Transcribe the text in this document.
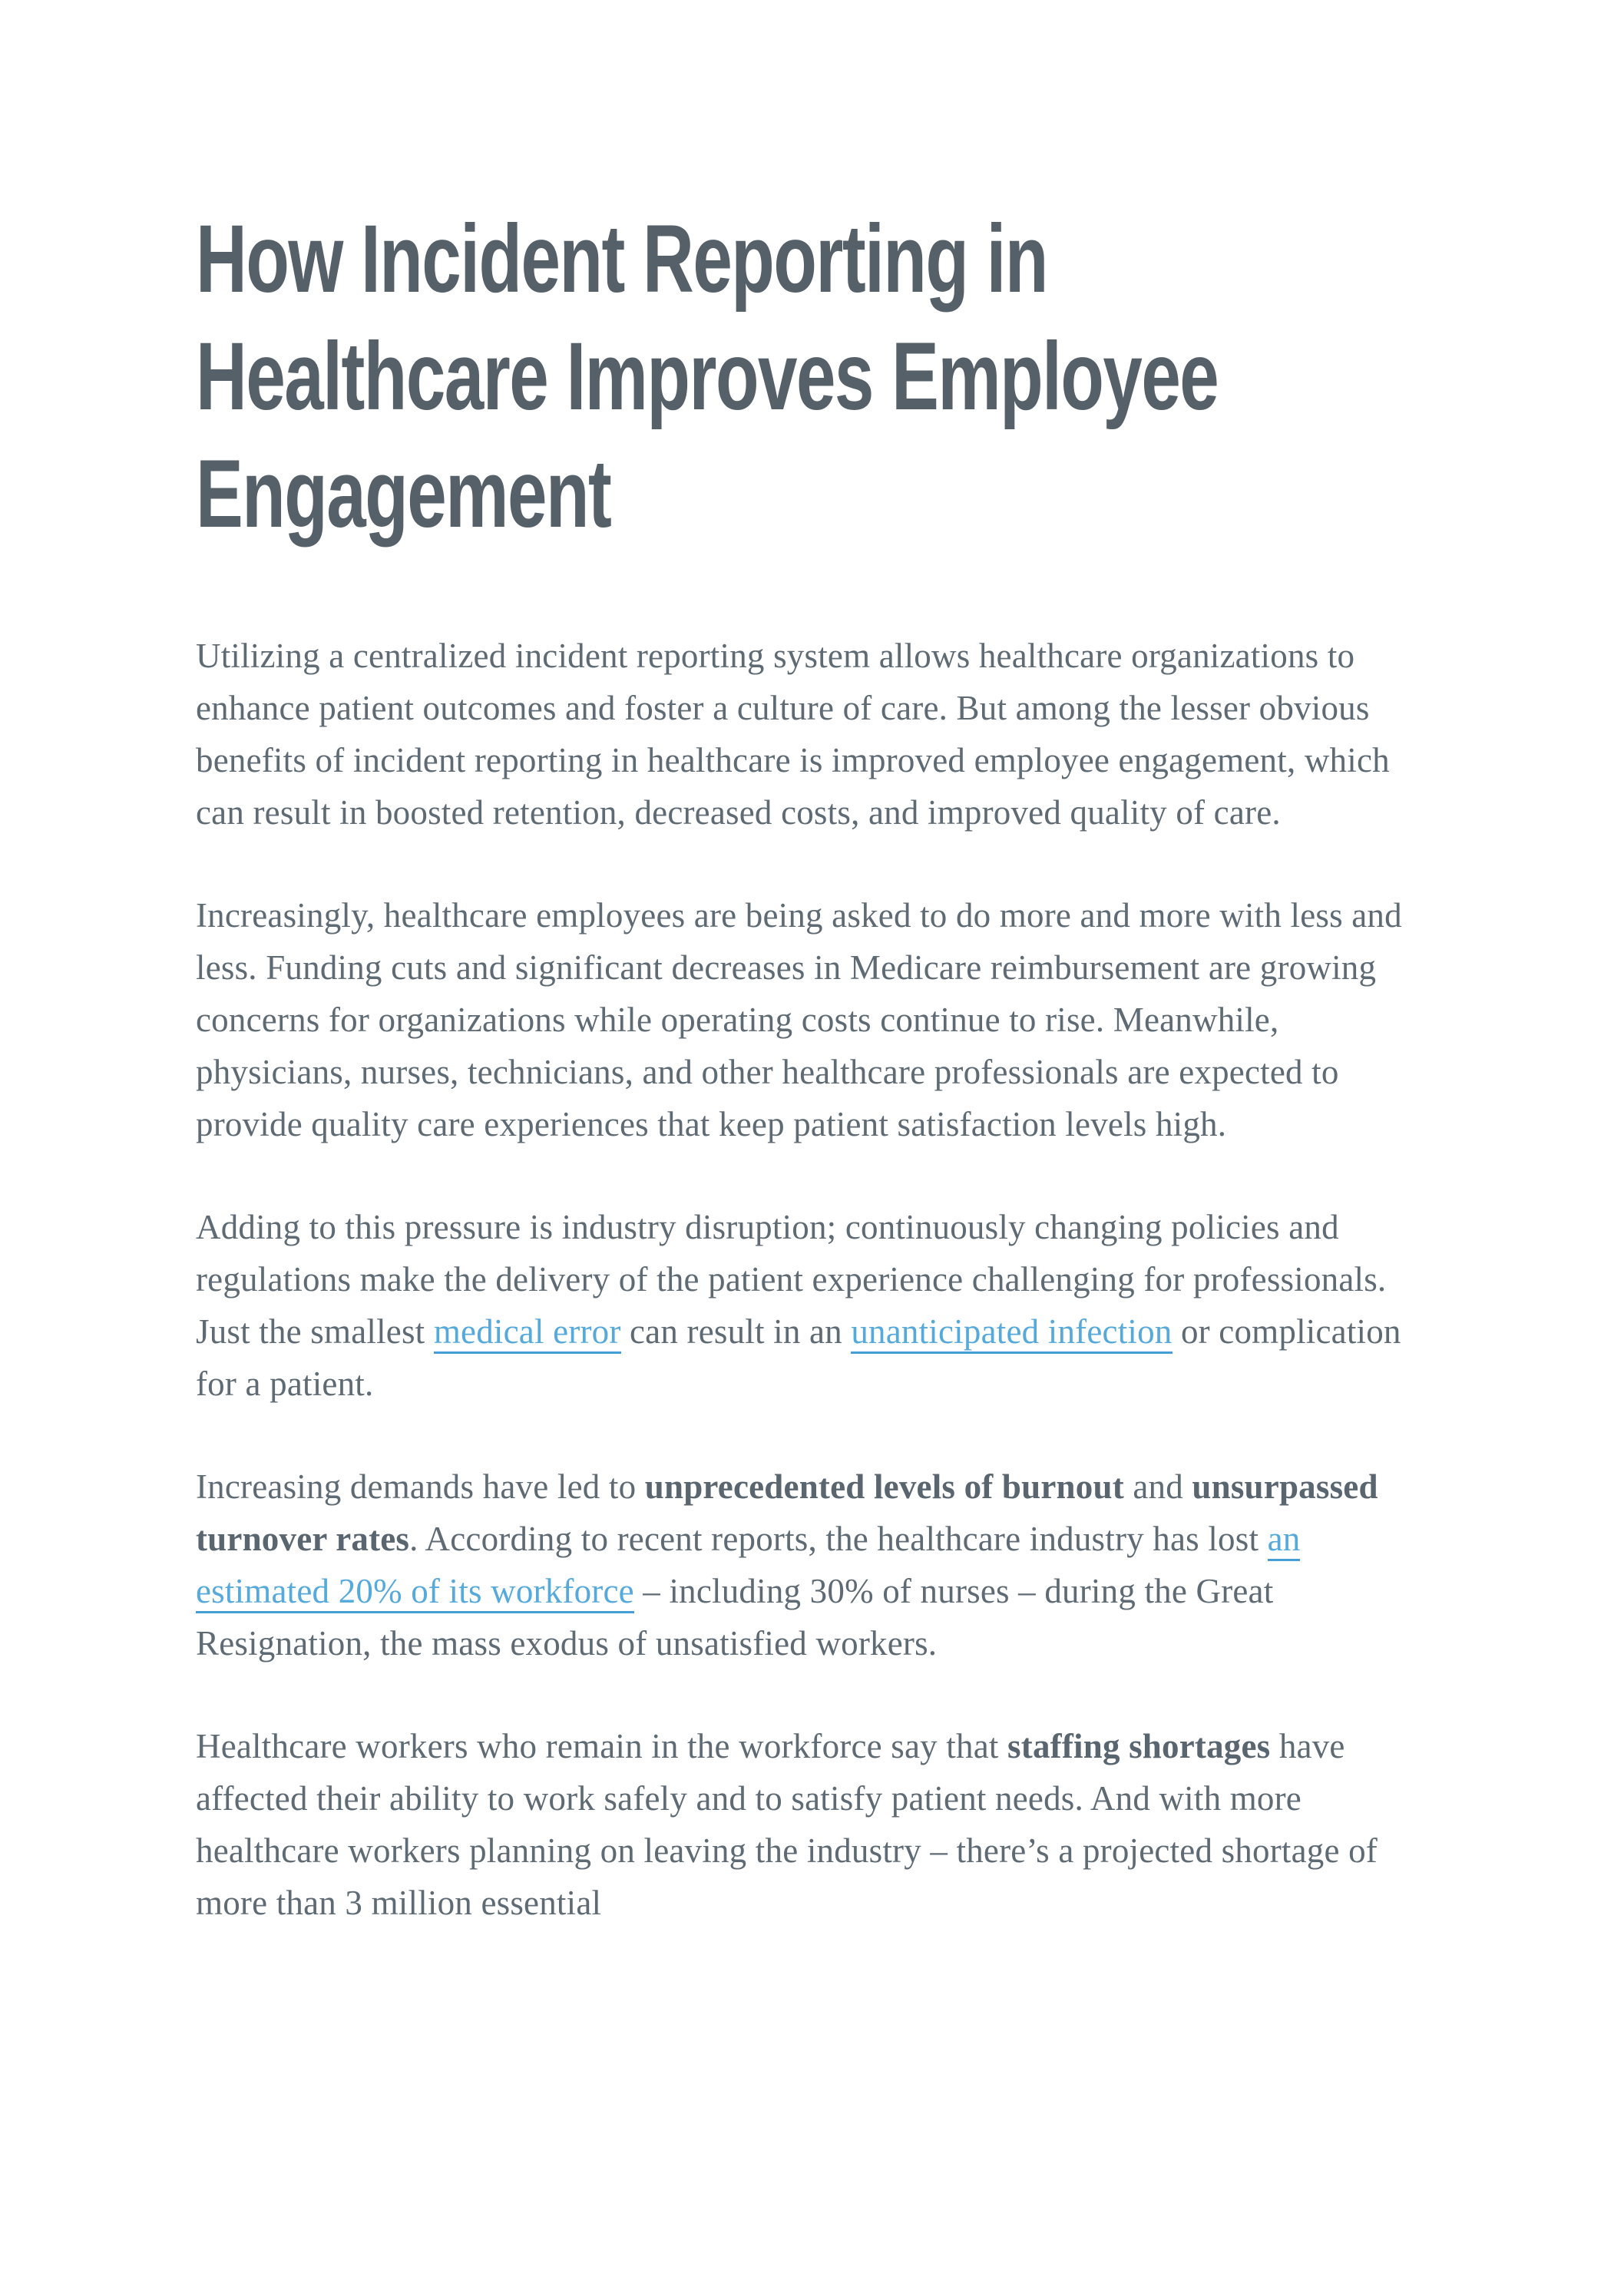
How Incident Reporting in
Healthcare Improves Employee
Engagement

Utilizing a centralized incident reporting system allows healthcare organizations to enhance patient outcomes and foster a culture of care. But among the lesser obvious benefits of incident reporting in healthcare is improved employee engagement, which can result in boosted retention, decreased costs, and improved quality of care.

Increasingly, healthcare employees are being asked to do more and more with less and less. Funding cuts and significant decreases in Medicare reimbursement are growing concerns for organizations while operating costs continue to rise. Meanwhile, physicians, nurses, technicians, and other healthcare professionals are expected to provide quality care experiences that keep patient satisfaction levels high.

Adding to this pressure is industry disruption; continuously changing policies and regulations make the delivery of the patient experience challenging for professionals. Just the smallest medical error can result in an unanticipated infection or complication for a patient.

Increasing demands have led to unprecedented levels of burnout and unsurpassed turnover rates. According to recent reports, the healthcare industry has lost an estimated 20% of its workforce – including 30% of nurses – during the Great Resignation, the mass exodus of unsatisfied workers.

Healthcare workers who remain in the workforce say that staffing shortages have affected their ability to work safely and to satisfy patient needs. And with more healthcare workers planning on leaving the industry – there’s a projected shortage of more than 3 million essential
